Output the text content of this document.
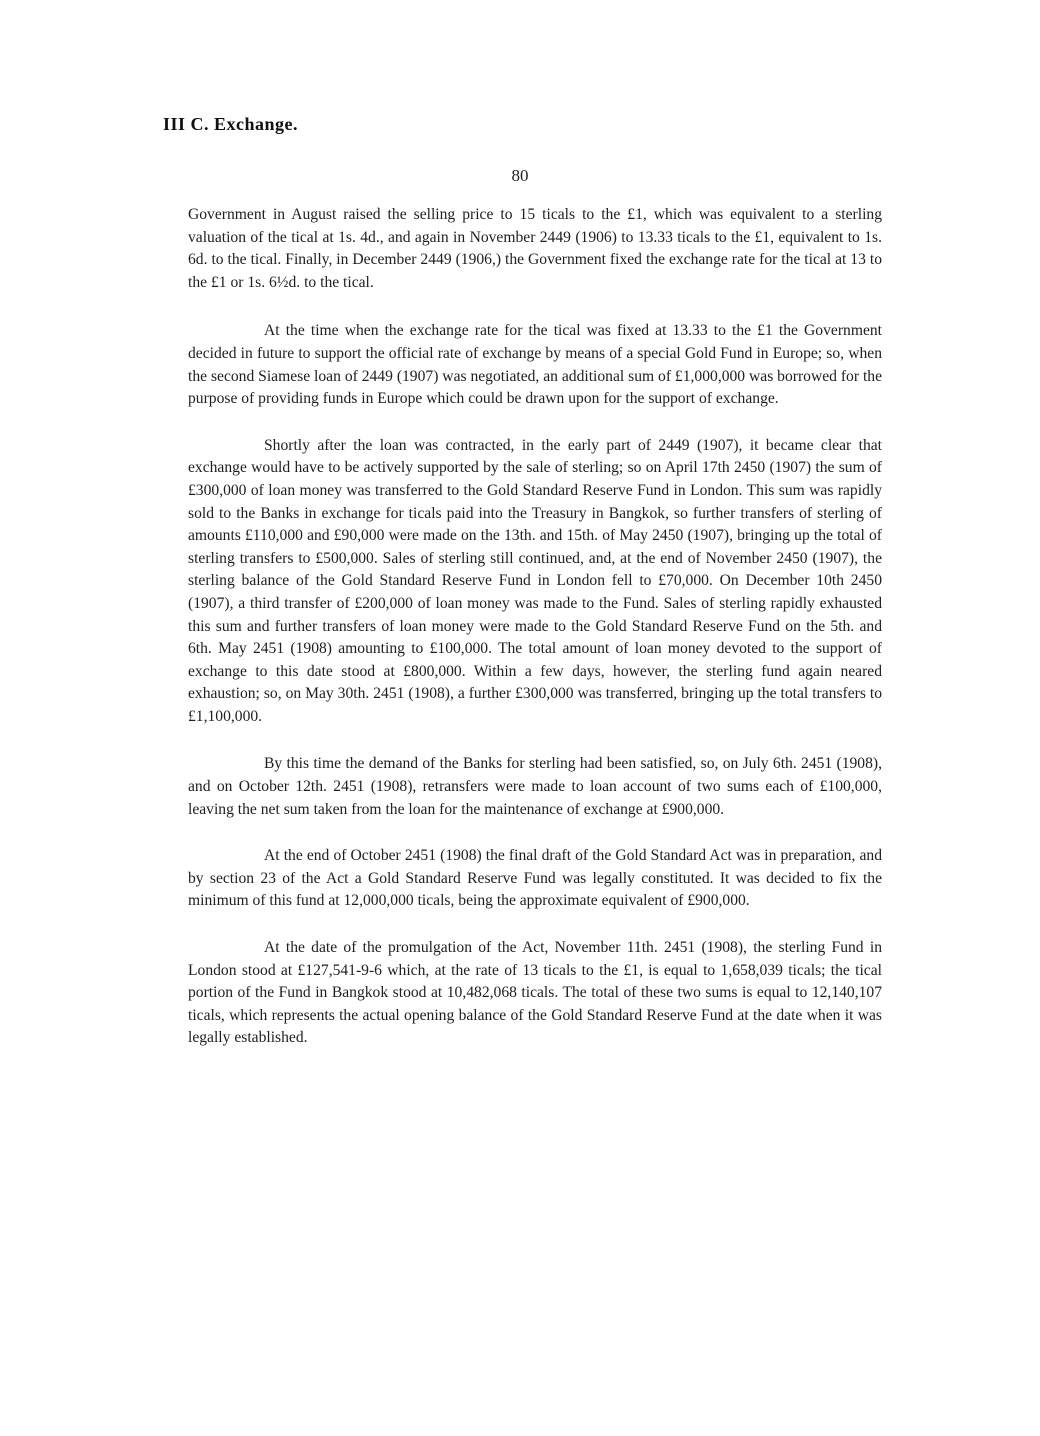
III C. Exchange.
80

Government in August raised the selling price to 15 ticals to the £1, which was equivalent to a sterling valuation of the tical at 1s. 4d., and again in November 2449 (1906) to 13.33 ticals to the £1, equivalent to 1s. 6d. to the tical. Finally, in December 2449 (1906,) the Government fixed the exchange rate for the tical at 13 to the £1 or 1s. 6½d. to the tical.

At the time when the exchange rate for the tical was fixed at 13.33 to the £1 the Government decided in future to support the official rate of exchange by means of a special Gold Fund in Europe; so, when the second Siamese loan of 2449 (1907) was negotiated, an additional sum of £1,000,000 was borrowed for the purpose of providing funds in Europe which could be drawn upon for the support of exchange.

Shortly after the loan was contracted, in the early part of 2449 (1907), it became clear that exchange would have to be actively supported by the sale of sterling; so on April 17th 2450 (1907) the sum of £300,000 of loan money was transferred to the Gold Standard Reserve Fund in London. This sum was rapidly sold to the Banks in exchange for ticals paid into the Treasury in Bangkok, so further transfers of sterling of amounts £110,000 and £90,000 were made on the 13th. and 15th. of May 2450 (1907), bringing up the total of sterling transfers to £500,000. Sales of sterling still continued, and, at the end of November 2450 (1907), the sterling balance of the Gold Standard Reserve Fund in London fell to £70,000. On December 10th 2450 (1907), a third transfer of £200,000 of loan money was made to the Fund. Sales of sterling rapidly exhausted this sum and further transfers of loan money were made to the Gold Standard Reserve Fund on the 5th. and 6th. May 2451 (1908) amounting to £100,000. The total amount of loan money devoted to the support of exchange to this date stood at £800,000. Within a few days, however, the sterling fund again neared exhaustion; so, on May 30th. 2451 (1908), a further £300,000 was transferred, bringing up the total transfers to £1,100,000.

By this time the demand of the Banks for sterling had been satisfied, so, on July 6th. 2451 (1908), and on October 12th. 2451 (1908), retransfers were made to loan account of two sums each of £100,000, leaving the net sum taken from the loan for the maintenance of exchange at £900,000.

At the end of October 2451 (1908) the final draft of the Gold Standard Act was in preparation, and by section 23 of the Act a Gold Standard Reserve Fund was legally constituted. It was decided to fix the minimum of this fund at 12,000,000 ticals, being the approximate equivalent of £900,000.

At the date of the promulgation of the Act, November 11th. 2451 (1908), the sterling Fund in London stood at £127,541-9-6 which, at the rate of 13 ticals to the £1, is equal to 1,658,039 ticals; the tical portion of the Fund in Bangkok stood at 10,482,068 ticals. The total of these two sums is equal to 12,140,107 ticals, which represents the actual opening balance of the Gold Standard Reserve Fund at the date when it was legally established.
